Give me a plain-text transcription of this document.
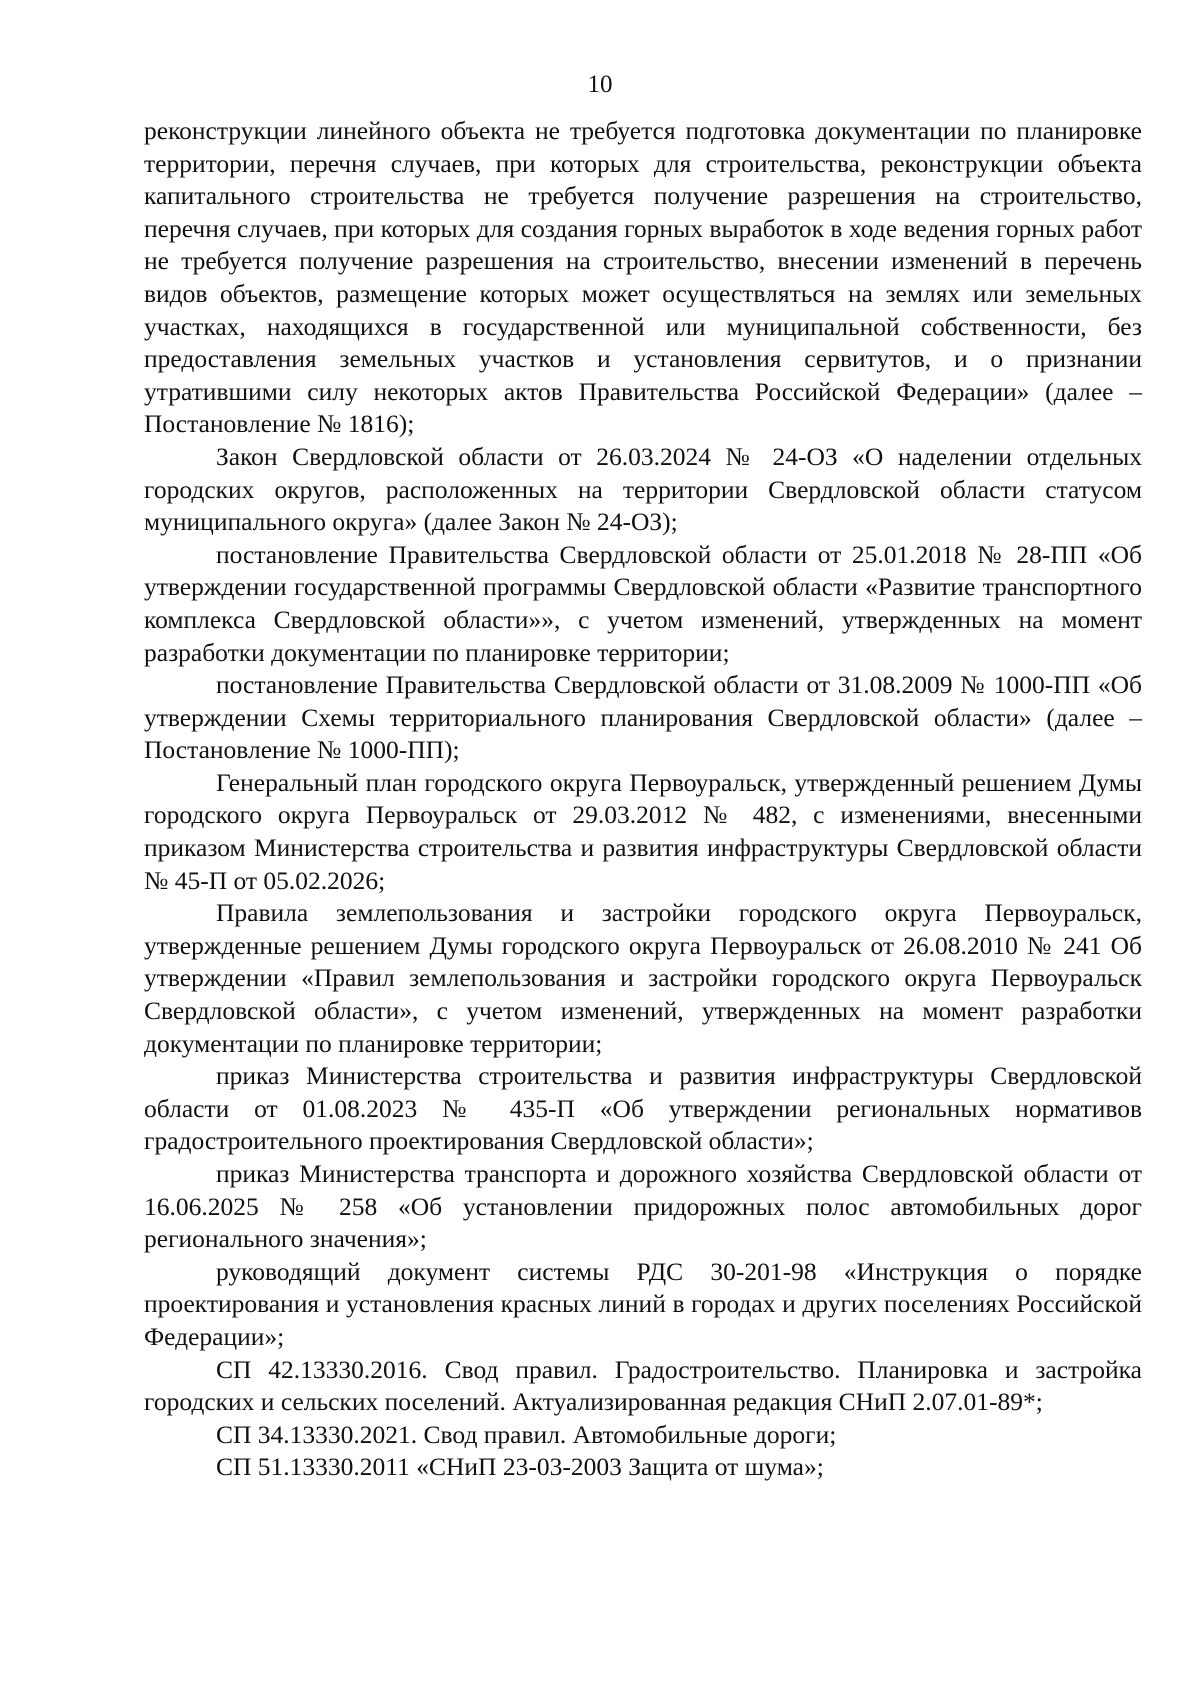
10

реконструкции линейного объекта не требуется подготовка документации по планировке территории, перечня случаев, при которых для строительства, реконструкции объекта капитального строительства не требуется получение разрешения на строительство, перечня случаев, при которых для создания горных выработок в ходе ведения горных работ не требуется получение разрешения на строительство, внесении изменений в перечень видов объектов, размещение которых может осуществляться на землях или земельных участках, находящихся в государственной или муниципальной собственности, без предоставления земельных участков и установления сервитутов, и о признании утратившими силу некоторых актов Правительства Российской Федерации» (далее – Постановление № 1816);

Закон Свердловской области от 26.03.2024 № 24-ОЗ «О наделении отдельных городских округов, расположенных на территории Свердловской области статусом муниципального округа» (далее Закон № 24-ОЗ);

постановление Правительства Свердловской области от 25.01.2018 № 28-ПП «Об утверждении государственной программы Свердловской области «Развитие транспортного комплекса Свердловской области»», с учетом изменений, утвержденных на момент разработки документации по планировке территории;

постановление Правительства Свердловской области от 31.08.2009 № 1000-ПП «Об утверждении Схемы территориального планирования Свердловской области» (далее – Постановление № 1000-ПП);

Генеральный план городского округа Первоуральск, утвержденный решением Думы городского округа Первоуральск от 29.03.2012 № 482, с изменениями, внесенными приказом Министерства строительства и развития инфраструктуры Свердловской области № 45-П от 05.02.2026;

Правила землепользования и застройки городского округа Первоуральск, утвержденные решением Думы городского округа Первоуральск от 26.08.2010 № 241 Об утверждении «Правил землепользования и застройки городского округа Первоуральск Свердловской области», с учетом изменений, утвержденных на момент разработки документации по планировке территории;

приказ Министерства строительства и развития инфраструктуры Свердловской области от 01.08.2023 № 435-П «Об утверждении региональных нормативов градостроительного проектирования Свердловской области»;

приказ Министерства транспорта и дорожного хозяйства Свердловской области от 16.06.2025 № 258 «Об установлении придорожных полос автомобильных дорог регионального значения»;

руководящий документ системы РДС 30-201-98 «Инструкция о порядке проектирования и установления красных линий в городах и других поселениях Российской Федерации»;

СП 42.13330.2016. Свод правил. Градостроительство. Планировка и застройка городских и сельских поселений. Актуализированная редакция СНиП 2.07.01-89*;

СП 34.13330.2021. Свод правил. Автомобильные дороги;

СП 51.13330.2011 «СНиП 23-03-2003 Защита от шума»;
